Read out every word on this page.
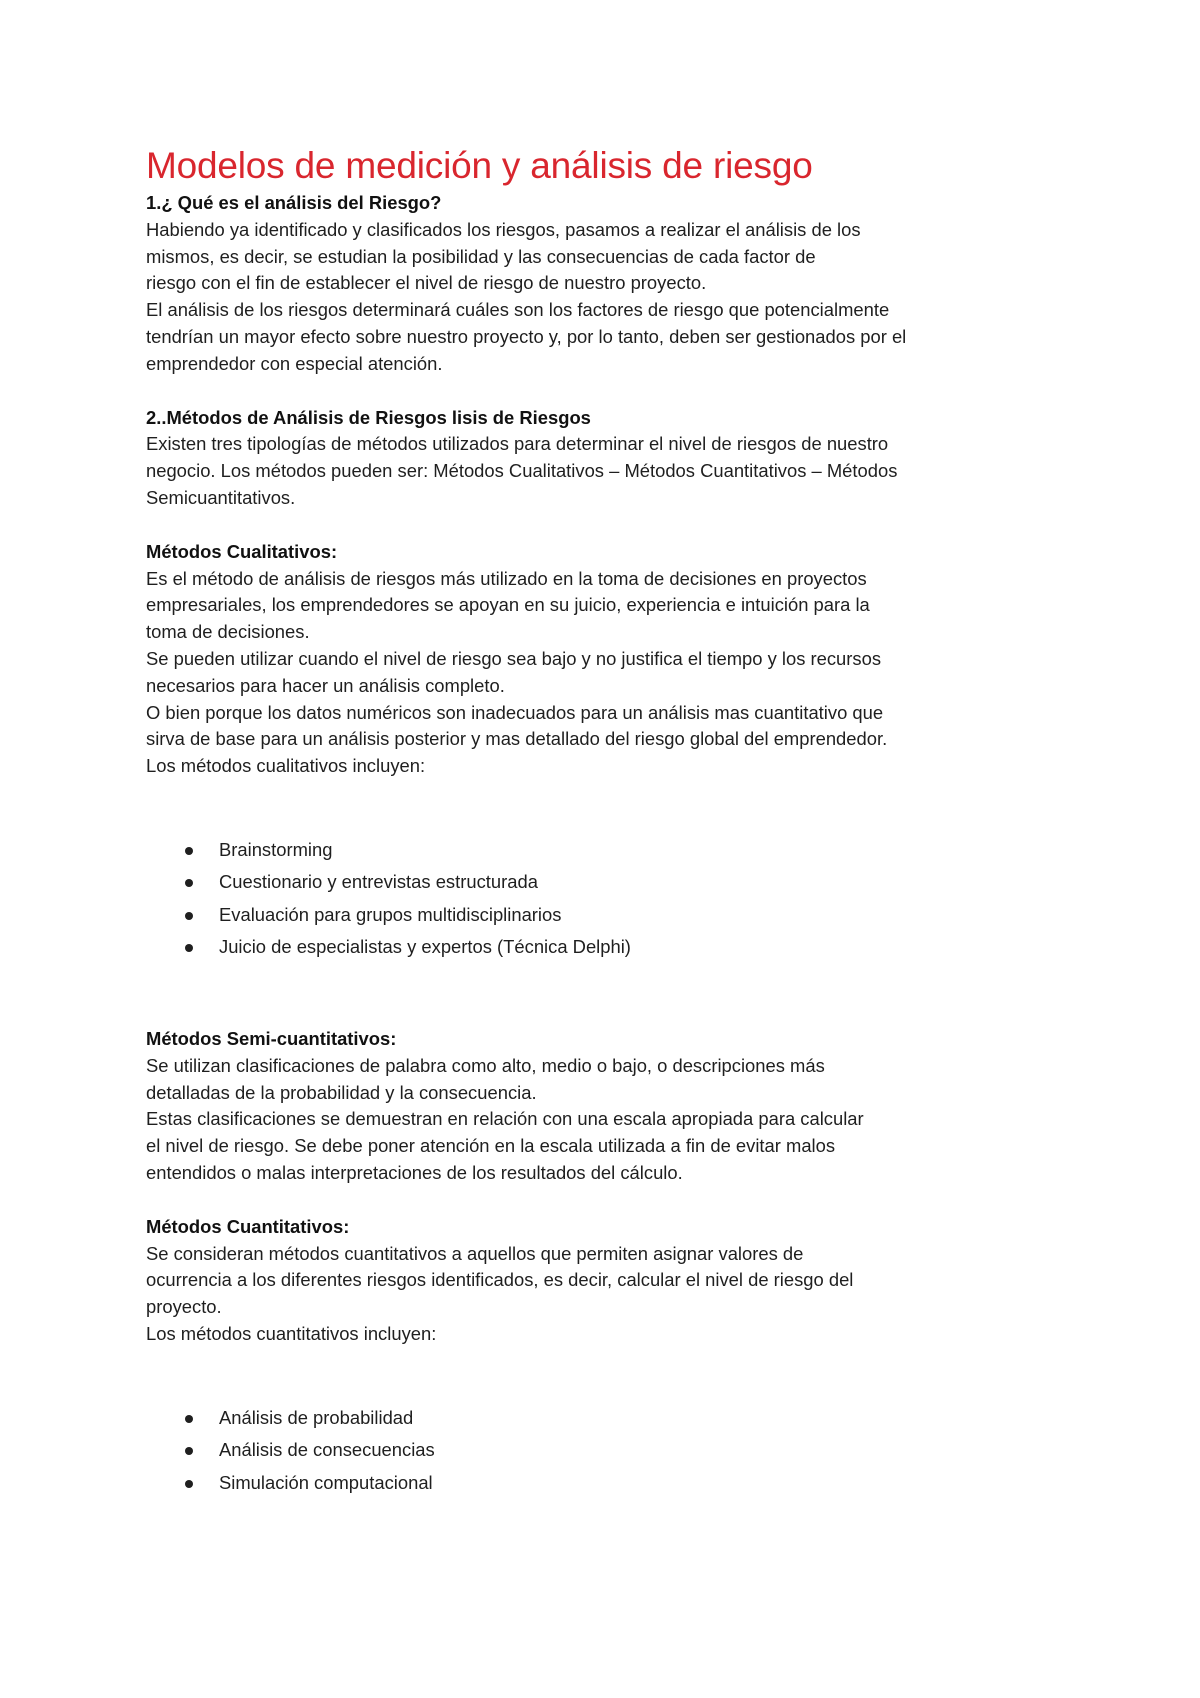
Modelos de medición y análisis de riesgo

1.¿ Qué es el análisis del Riesgo?

Habiendo ya identificado y clasificados los riesgos, pasamos a realizar el análisis de los mismos, es decir, se estudian la posibilidad y las consecuencias de cada factor de riesgo con el fin de establecer el nivel de riesgo de nuestro proyecto.

El análisis de los riesgos determinará cuáles son los factores de riesgo que potencialmente tendrían un mayor efecto sobre nuestro proyecto y, por lo tanto, deben ser gestionados por el emprendedor con especial atención.

2..Métodos de Análisis de Riesgos lisis de Riesgos

Existen tres tipologías de métodos utilizados para determinar el nivel de riesgos de nuestro negocio. Los métodos pueden ser: Métodos Cualitativos – Métodos Cuantitativos – Métodos Semicuantitativos.

Métodos Cualitativos:

Es el método de análisis de riesgos más utilizado en la toma de decisiones en proyectos empresariales, los emprendedores se apoyan en su juicio, experiencia e intuición para la toma de decisiones.

Se pueden utilizar cuando el nivel de riesgo sea bajo y no justifica el tiempo y los recursos necesarios para hacer un análisis completo.

O bien porque los datos numéricos son inadecuados para un análisis mas cuantitativo que sirva de base para un análisis posterior y mas detallado del riesgo global del emprendedor.

Los métodos cualitativos incluyen:

Brainstorming
Cuestionario y entrevistas estructurada
Evaluación para grupos multidisciplinarios
Juicio de especialistas y expertos (Técnica Delphi)

Métodos Semi-cuantitativos:

Se utilizan clasificaciones de palabra como alto, medio o bajo, o descripciones más detalladas de la probabilidad y la consecuencia.

Estas clasificaciones se demuestran en relación con una escala apropiada para calcular el nivel de riesgo. Se debe poner atención en la escala utilizada a fin de evitar malos entendidos o malas interpretaciones de los resultados del cálculo.

Métodos Cuantitativos:

Se consideran métodos cuantitativos a aquellos que permiten asignar valores de ocurrencia a los diferentes riesgos identificados, es decir, calcular el nivel de riesgo del proyecto.

Los métodos cuantitativos incluyen:

Análisis de probabilidad
Análisis de consecuencias
Simulación computacional
